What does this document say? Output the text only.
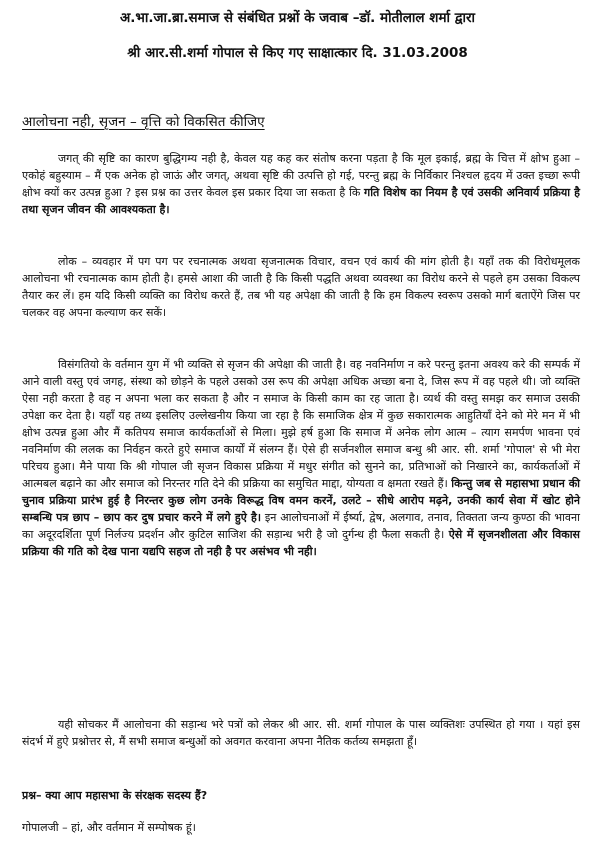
अ.भा.जा.ब्रा.समाज से संबंधित प्रश्नों के जवाब –डॉ. मोतीलाल शर्मा द्वारा
श्री आर.सी.शर्मा गोपाल से किए गए साक्षात्कार दि. 31.03.2008
आलोचना नही, सृजन – वृत्ति को विकसित कीजिए

जगत् की सृष्टि का कारण बुद्धिगम्य नही है, केवल यह कह कर संतोष करना पड़ता है कि मूल इकाई, ब्रह्म के चित्त में क्षोभ हुआ – एकोहं बहुस्याम – मैं एक अनेक हो जाऊं और जगत्, अथवा सृष्टि की उत्पत्ति हो गई, परन्तु ब्रह्म के निर्विकार निश्चल हृदय में उक्त इच्छा रूपी क्षोभ क्यों कर उत्पन्न हुआ ? इस प्रश्न का उत्तर केवल इस प्रकार दिया जा सकता है कि गति विशेष का नियम है एवं उसकी अनिवार्य प्रक्रिया है तथा सृजन जीवन की आवश्यकता है।

लोक – व्यवहार में पग पग पर रचनात्मक अथवा सृजनात्मक विचार, वचन एवं कार्य की मांग होती है। यहाँ तक की विरोधमूलक आलोचना भी रचनात्मक काम होती है। हमसे आशा की जाती है कि किसी पद्धति अथवा व्यवस्था का विरोध करने से पहले हम उसका विकल्प तैयार कर लें। हम यदि किसी व्यक्ति का विरोध करते हैं, तब भी यह अपेक्षा की जाती है कि हम विकल्प स्वरूप उसको मार्ग बताऐंगे जिस पर चलकर वह अपना कल्याण कर सकें।

विसंगतियो के वर्तमान युग में भी व्यक्ति से सृजन की अपेक्षा की जाती है। वह नवनिर्माण न करे परन्तु इतना अवश्य करे की सम्पर्क में आने वाली वस्तु एवं जगह, संस्था को छोड़ने के पहले उसको उस रूप की अपेक्षा अधिक अच्छा बना दे, जिस रूप में वह पहले थी। जो व्यक्ति ऐसा नही करता है वह न अपना भला कर सकता है और न समाज के किसी काम का रह जाता है। व्यर्थ की वस्तु समझ कर समाज उसकी उपेक्षा कर देता है। यहाँ यह तथ्य इसलिए उल्लेखनीय किया जा रहा है कि समाजिक क्षेत्र में कुछ सकारात्मक आहुतियाँ देने को मेरे मन में भी क्षोभ उत्पन्न हुआ और मैं कतिपय समाज कार्यकर्ताओं से मिला। मुझे हर्ष हुआ कि समाज में अनेक लोग आत्म – त्याग समर्पण भावना एवं नवनिर्माण की ललक का निर्वहन करते हुऐ समाज कार्यों में संलग्न हैं। ऐसे ही सर्जनशील समाज बन्धु श्री आर. सी. शर्मा 'गोपाल' से भी मेरा परिचय हुआ। मैने पाया कि श्री गोपाल जी सृजन विकास प्रक्रिया में मधुर संगीत को सुनने का, प्रतिभाओं को निखारने का, कार्यकर्ताओं में आत्मबल बढ़ाने का और समाज को निरन्तर गति देने की प्रक्रिया का समुचित माद्दा, योग्यता व क्षमता रखते हैं। किन्तु जब से महासभा प्रधान की चुनाव प्रक्रिया प्रारंभ हुई है निरन्तर कुछ लोग उनके विरूद्ध विष वमन करनें, उलटे – सीधे आरोप मढ़ने, उनकी कार्य सेवा में खोट होने सम्बन्धि पत्र छाप – छाप कर दुष प्रचार करने में लगे हुऐ है। इन आलोचनाओं में ईर्ष्या, द्वेष, अलगाव, तनाव, तिक्तता जन्य कुण्ठा की भावना का अदूरदर्शिता पूर्ण निर्लज्य प्रदर्शन और कुटिल साजिश की सड़ान्ध भरी है जो दुर्गन्ध ही फैला सकती है। ऐसे में सृजनशीलता और विकास प्रक्रिया की गति को देख पाना यद्यपि सहज तो नही है पर असंभव भी नही।

यही सोचकर मैं आलोचना की सड़ान्ध भरे पत्रों को लेकर श्री आर. सी. शर्मा गोपाल के पास व्यक्तिशः उपस्थित हो गया । यहां इस संदर्भ में हुऐ प्रश्नोत्तर से, मैं सभी समाज बन्धुओं को अवगत करवाना अपना नैतिक कर्तव्य समझता हूँ।

प्रश्न– क्या आप महासभा के संरक्षक सदस्य हैं?

गोपालजी – हां, और वर्तमान में सम्पोषक हूं।
